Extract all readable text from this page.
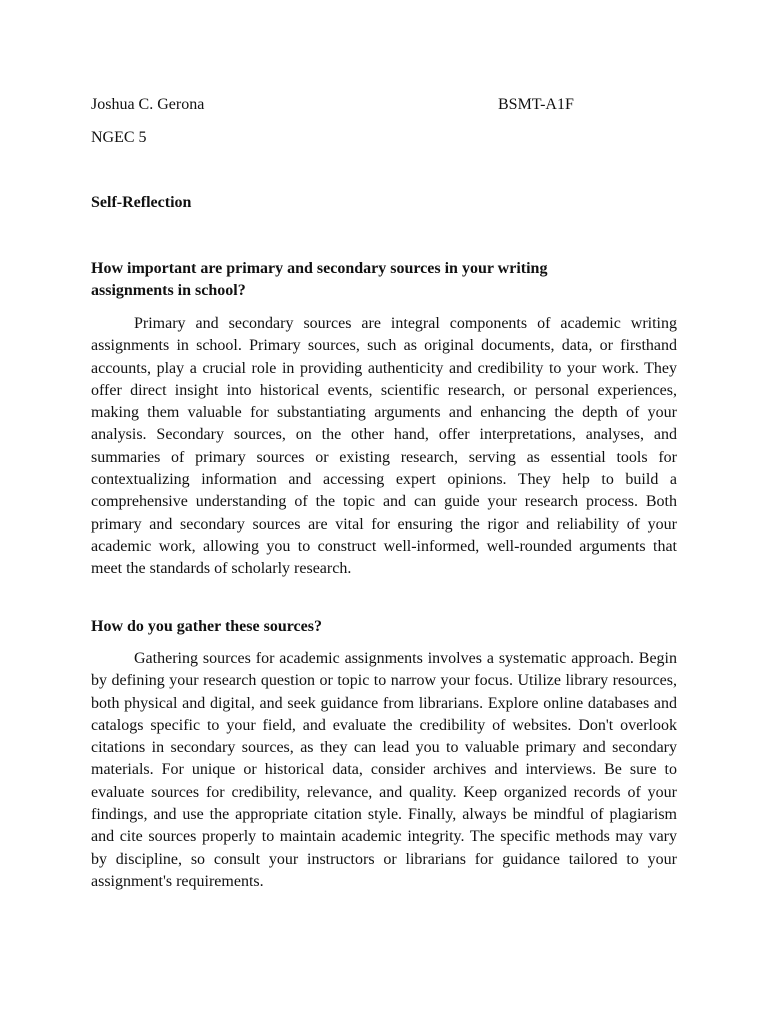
Joshua C. Gerona	BSMT-A1F
NGEC 5
Self-Reflection
How important are primary and secondary sources in your writing assignments in school?

Primary and secondary sources are integral components of academic writing assignments in school. Primary sources, such as original documents, data, or firsthand accounts, play a crucial role in providing authenticity and credibility to your work. They offer direct insight into historical events, scientific research, or personal experiences, making them valuable for substantiating arguments and enhancing the depth of your analysis. Secondary sources, on the other hand, offer interpretations, analyses, and summaries of primary sources or existing research, serving as essential tools for contextualizing information and accessing expert opinions. They help to build a comprehensive understanding of the topic and can guide your research process. Both primary and secondary sources are vital for ensuring the rigor and reliability of your academic work, allowing you to construct well-informed, well-rounded arguments that meet the standards of scholarly research.

How do you gather these sources?

Gathering sources for academic assignments involves a systematic approach. Begin by defining your research question or topic to narrow your focus. Utilize library resources, both physical and digital, and seek guidance from librarians. Explore online databases and catalogs specific to your field, and evaluate the credibility of websites. Don't overlook citations in secondary sources, as they can lead you to valuable primary and secondary materials. For unique or historical data, consider archives and interviews. Be sure to evaluate sources for credibility, relevance, and quality. Keep organized records of your findings, and use the appropriate citation style. Finally, always be mindful of plagiarism and cite sources properly to maintain academic integrity. The specific methods may vary by discipline, so consult your instructors or librarians for guidance tailored to your assignment's requirements.
